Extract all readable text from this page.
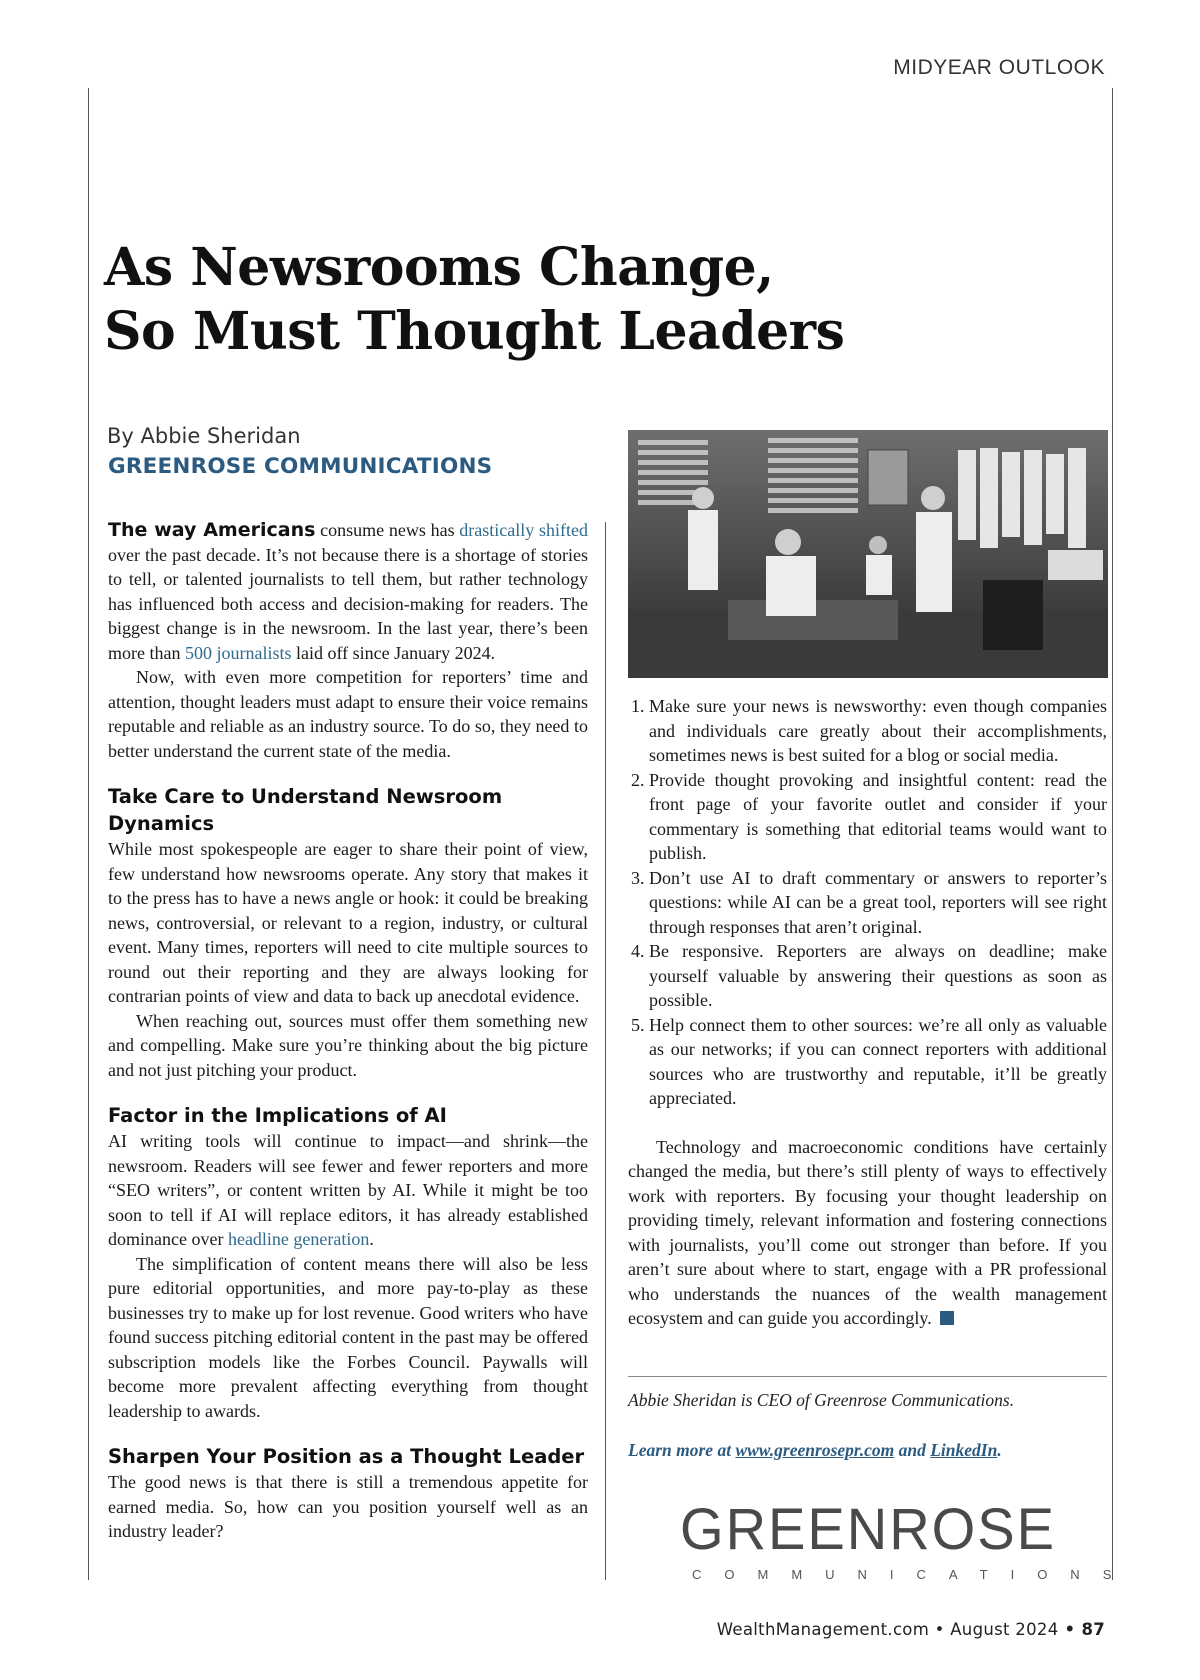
MIDYEAR OUTLOOK
As Newsrooms Change,
So Must Thought Leaders
By Abbie Sheridan
GREENROSE COMMUNICATIONS

The way Americans consume news has drastically shifted over the past decade. It’s not because there is a shortage of stories to tell, or talented journalists to tell them, but rather technology has influenced both access and decision-making for readers. The biggest change is in the newsroom. In the last year, there’s been more than 500 journalists laid off since January 2024.

Now, with even more competition for reporters’ time and attention, thought leaders must adapt to ensure their voice remains reputable and reliable as an industry source. To do so, they need to better understand the current state of the media.

Take Care to Understand Newsroom Dynamics

While most spokespeople are eager to share their point of view, few understand how newsrooms operate. Any story that makes it to the press has to have a news angle or hook: it could be breaking news, controversial, or relevant to a region, industry, or cultural event. Many times, reporters will need to cite multiple sources to round out their reporting and they are always looking for contrarian points of view and data to back up anecdotal evidence.

When reaching out, sources must offer them something new and compelling. Make sure you’re thinking about the big picture and not just pitching your product.

Factor in the Implications of AI

AI writing tools will continue to impact—and shrink—the newsroom. Readers will see fewer and fewer reporters and more “SEO writers”, or content written by AI. While it might be too soon to tell if AI will replace editors, it has already established dominance over headline generation.

The simplification of content means there will also be less pure editorial opportunities, and more pay-to-play as these businesses try to make up for lost revenue. Good writers who have found success pitching editorial content in the past may be offered subscription models like the Forbes Council. Paywalls will become more prevalent affecting everything from thought leadership to awards.

Sharpen Your Position as a Thought Leader

The good news is that there is still a tremendous appetite for earned media. So, how can you position yourself well as an industry leader?

1. Make sure your news is newsworthy: even though companies and individuals care greatly about their accomplishments, sometimes news is best suited for a blog or social media.
2. Provide thought provoking and insightful content: read the front page of your favorite outlet and consider if your commentary is something that editorial teams would want to publish.
3. Don’t use AI to draft commentary or answers to reporter’s questions: while AI can be a great tool, reporters will see right through responses that aren’t original.
4. Be responsive. Reporters are always on deadline; make yourself valuable by answering their questions as soon as possible.
5. Help connect them to other sources: we’re all only as valuable as our networks; if you can connect reporters with additional sources who are trustworthy and reputable, it’ll be greatly appreciated.

Technology and macroeconomic conditions have certainly changed the media, but there’s still plenty of ways to effectively work with reporters. By focusing your thought leadership on providing timely, relevant information and fostering connections with journalists, you’ll come out stronger than before. If you aren’t sure about where to start, engage with a PR professional who understands the nuances of the wealth management ecosystem and can guide you accordingly.

Abbie Sheridan is CEO of Greenrose Communications.
Learn more at www.greenrosepr.com and LinkedIn.
GREENROSE
COMMUNICATIONS
WealthManagement.com • August 2024 • 87
